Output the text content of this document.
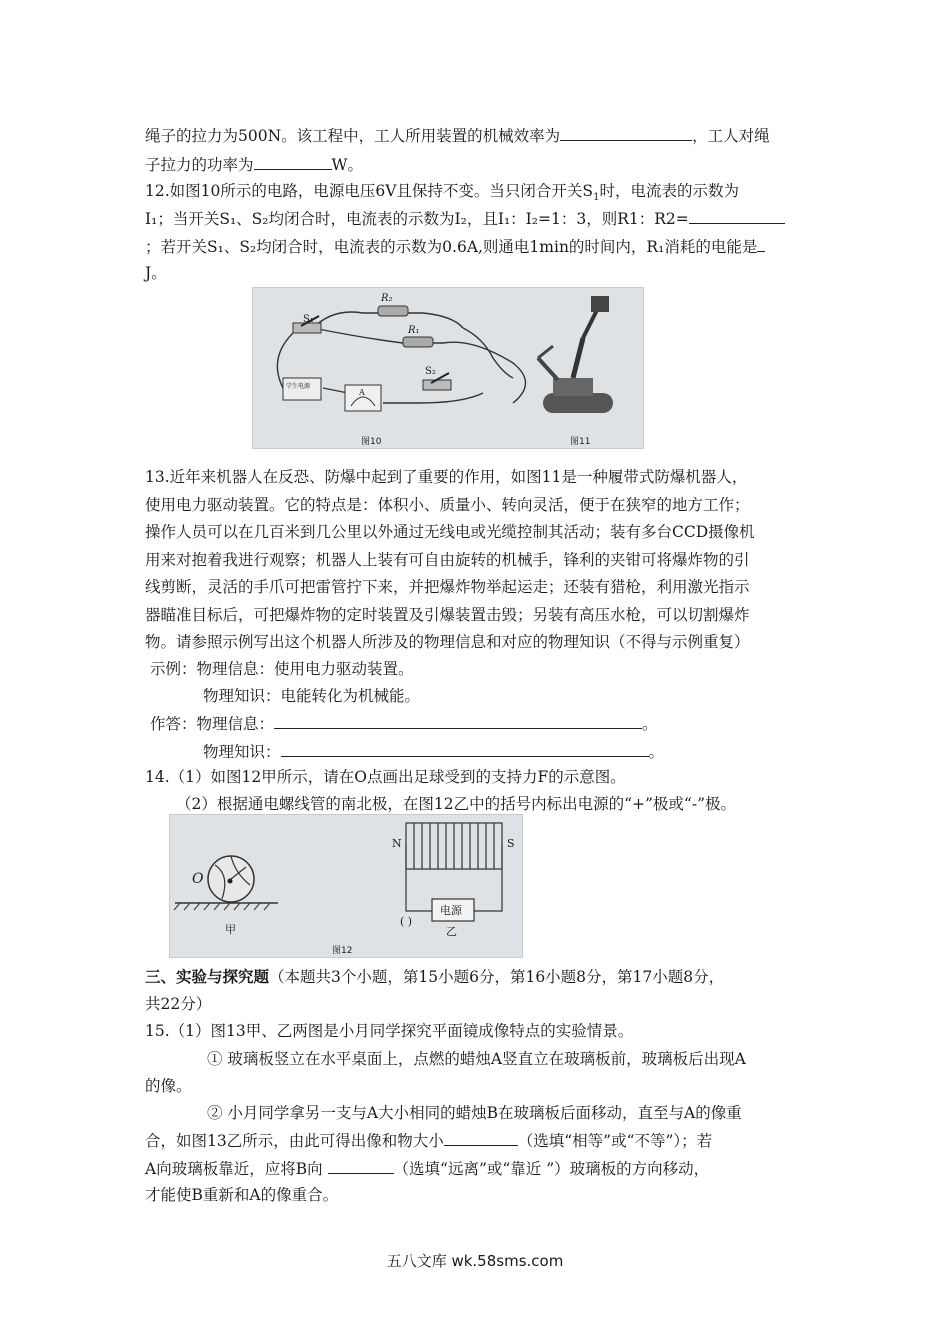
绳子的拉力为500N。该工程中，工人所用装置的机械效率为	，工人对绳
子拉力的功率为	W。
12.如图10所示的电路，电源电压6V且保持不变。当只闭合开关$S_1$时，电流表的示数为
I₁；当开关S₁、S₂均闭合时，电流表的示数为I₂，且I₁：I₂=1：3，则R1：R2=
；若开关S₁、S₂均闭合时，电流表的示数为0.6A,则通电1min的时间内，R₁消耗的电能是
J。
S₁
R₂
R₁
S₂
学生电源
A
图10	图11
13.近年来机器人在反恐、防爆中起到了重要的作用，如图11是一种履带式防爆机器人，
使用电力驱动装置。它的特点是：体积小、质量小、转向灵活，便于在狭窄的地方工作；
操作人员可以在几百米到几公里以外通过无线电或光缆控制其活动；装有多台CCD摄像机
用来对抱着我进行观察；机器人上装有可自由旋转的机械手，锋利的夹钳可将爆炸物的引
线剪断，灵活的手爪可把雷管拧下来，并把爆炸物举起运走；还装有猎枪，利用激光指示
器瞄准目标后，可把爆炸物的定时装置及引爆装置击毁；另装有高压水枪，可以切割爆炸
物。请参照示例写出这个机器人所涉及的物理信息和对应的物理知识（不得与示例重复）
示例：物理信息：使用电力驱动装置。
物理知识：电能转化为机械能。
作答：物理信息：	。
物理知识：	。
14.（1）如图12甲所示，请在O点画出足球受到的支持力F的示意图。
（2）根据通电螺线管的南北极，在图12乙中的括号内标出电源的“+”极或“-”极。
O
甲
N	S
电源
( )
乙
图12
三、实验与探究题（本题共3个小题，第15小题6分，第16小题8分，第17小题8分，
共22分）
15.（1）图13甲、乙两图是小月同学探究平面镜成像特点的实验情景。
① 玻璃板竖立在水平桌面上，点燃的蜡烛A竖直立在玻璃板前，玻璃板后出现A
的像。
② 小月同学拿另一支与A大小相同的蜡烛B在玻璃板后面移动，直至与A的像重
合，如图13乙所示，由此可得出像和物大小	（选填“相等”或“不等”）；若
A向玻璃板靠近，应将B向	（选填“远离”或“靠近 ”）玻璃板的方向移动，
才能使B重新和A的像重合。
五八文库 wk.58sms.com
